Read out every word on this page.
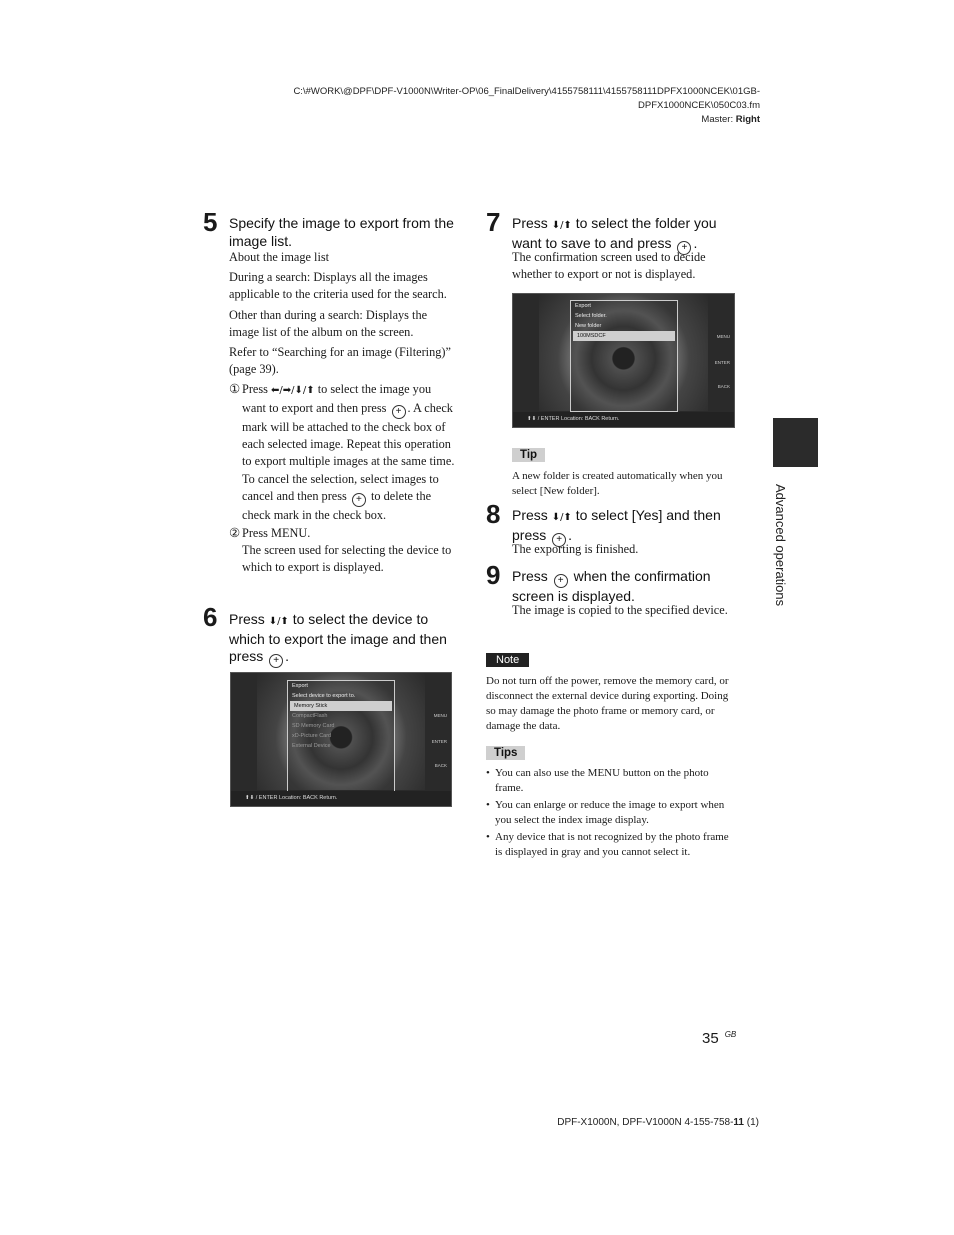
C:\#WORK\@DPF\DPF-V1000N\Writer-OP\06_FinalDelivery\4155758111\4155758111DPFX1000NCEK\01GB-
DPFX1000NCEK\050C03.fm
Master: Right
5 Specify the image to export from the image list.

About the image list

During a search: Displays all the images applicable to the criteria used for the search.

Other than during a search: Displays the image list of the album on the screen.

Refer to “Searching for an image (Filtering)” (page 39).

① Press ⬅/➡/⬇/⬆ to select the image you want to export and then press + . A check mark will be attached to the check box of each selected image. Repeat this operation to export multiple images at the same time.
To cancel the selection, select images to cancel and then press + to delete the check mark in the check box.
② Press MENU.
The screen used for selecting the device to which to export is displayed.
6 Press ⬇/⬆ to select the device to which to export the image and then press + .
Export
Select device to export to.
Memory Stick
CompactFlash
SD Memory Card
xD-Picture Card
External Device
MENU
ENTER
BACK
⬆⬇ / ENTER Location: BACK Return.
7 Press ⬇/⬆ to select the folder you want to save to and press + .
The confirmation screen used to decide whether to export or not is displayed.
Export
Select folder.
New folder
100MSDCF	MENU
ENTER
BACK
⬆⬇ / ENTER Location: BACK Return.
Tip
A new folder is created automatically when you select [New folder].
8 Press ⬇/⬆ to select [Yes] and then press + .
The exporting is finished.
9 Press + when the confirmation screen is displayed.
The image is copied to the specified device.
Note
Do not turn off the power, remove the memory card, or disconnect the external device during exporting. Doing so may damage the photo frame or memory card, or damage the data.
Tips
• You can also use the MENU button on the photo frame.
• You can enlarge or reduce the image to export when you select the index image display.
• Any device that is not recognized by the photo frame is displayed in gray and you cannot select it.
Advanced operations
35 $^{GB}$
DPF-X1000N, DPF-V1000N 4-155-758-11 (1)
